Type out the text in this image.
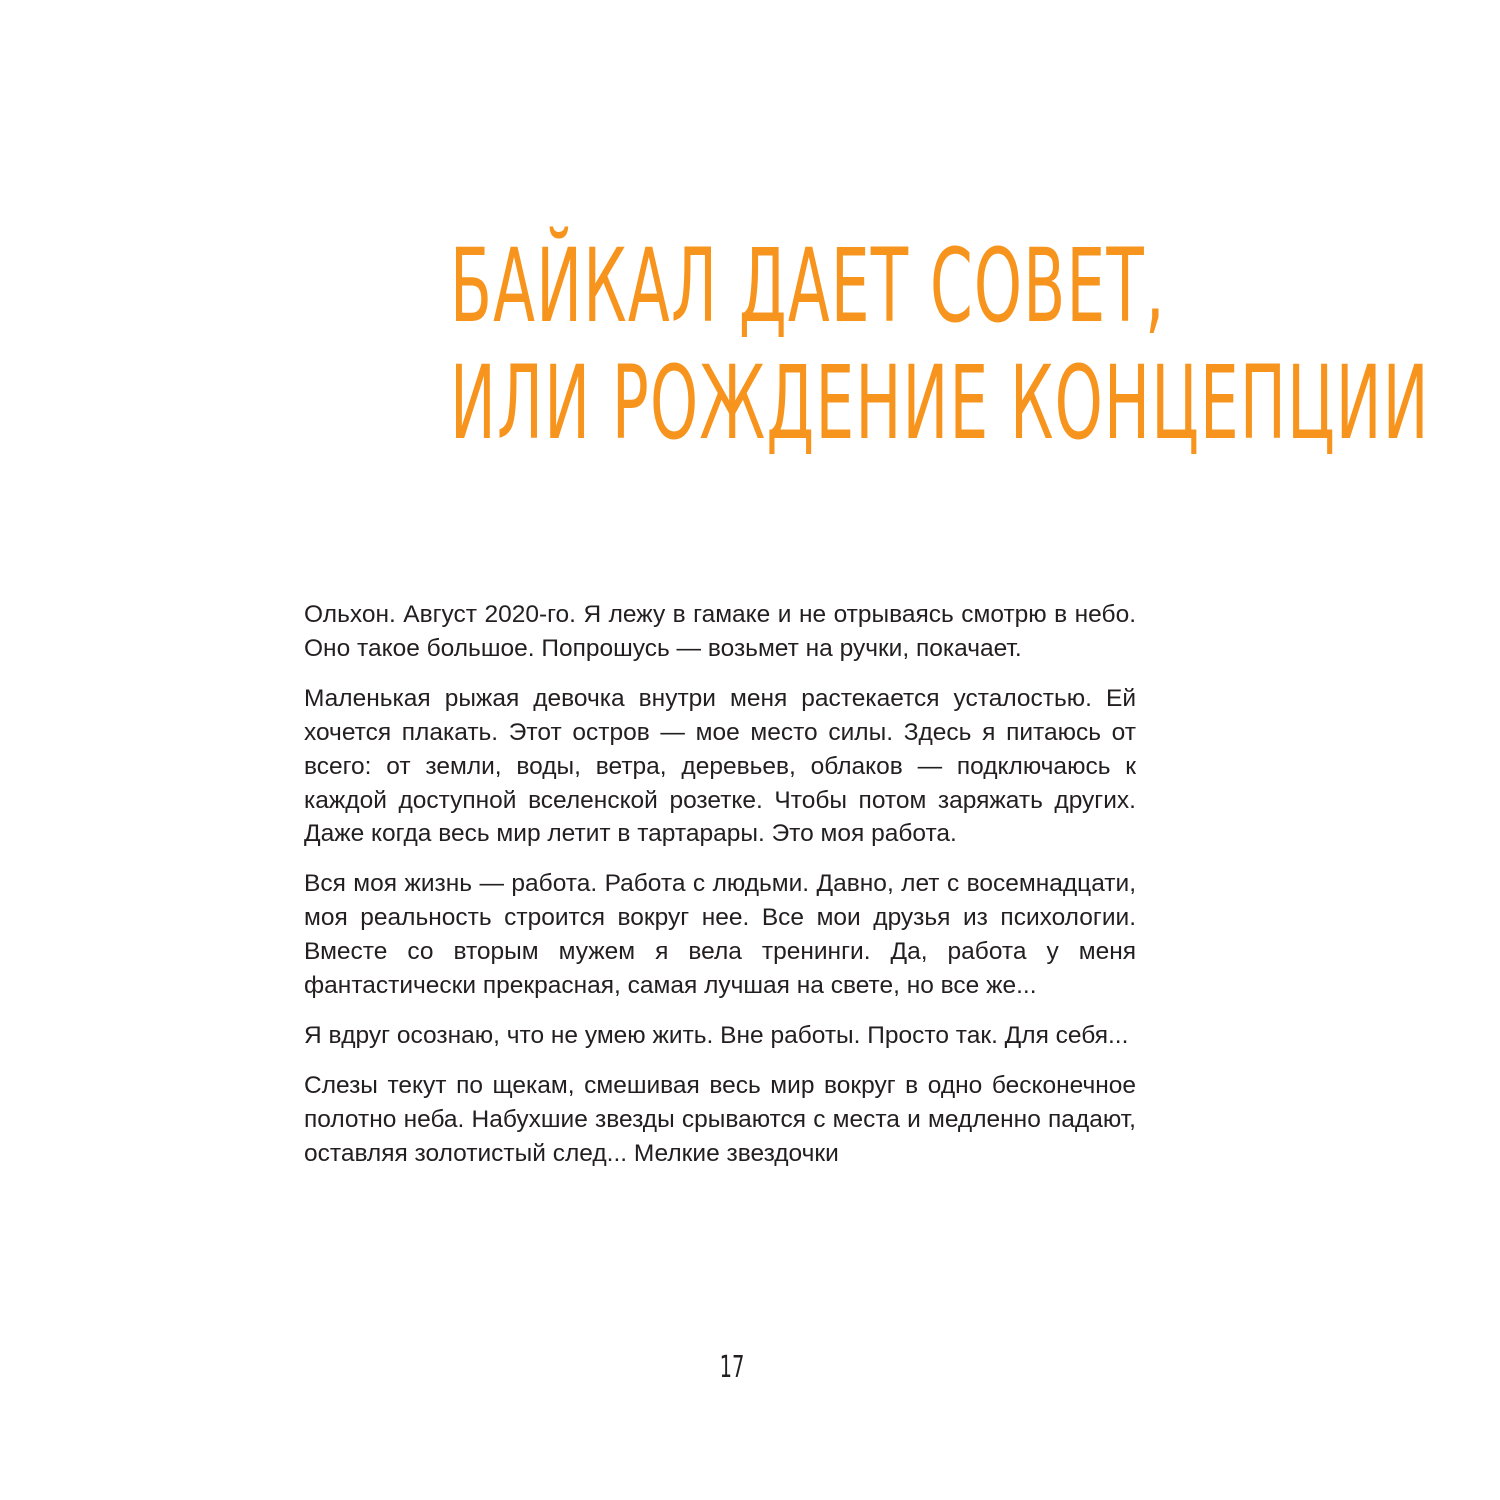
БАЙКАЛ ДАЕТ СОВЕТ,
ИЛИ РОЖДЕНИЕ КОНЦЕПЦИИ

Ольхон. Август 2020-го. Я лежу в гамаке и не отрываясь смотрю в небо. Оно такое большое. Попрошусь — возьмет на ручки, покачает.

Маленькая рыжая девочка внутри меня растекается усталостью. Ей хочется плакать. Этот остров — мое место силы. Здесь я питаюсь от всего: от земли, воды, ветра, деревьев, облаков — подключаюсь к каждой доступной вселенской розетке. Чтобы потом заряжать других. Даже когда весь мир летит в тартарары. Это моя работа.

Вся моя жизнь — работа. Работа с людьми. Давно, лет с восемнадцати, моя реальность строится вокруг нее. Все мои друзья из психологии. Вместе со вторым мужем я вела тренинги. Да, работа у меня фантастически прекрасная, самая лучшая на свете, но все же...

Я вдруг осознаю, что не умею жить. Вне работы. Просто так. Для себя...

Слезы текут по щекам, смешивая весь мир вокруг в одно бесконечное полотно неба. Набухшие звезды срываются с места и медленно падают, оставляя золотистый след... Мелкие звездочки

17
